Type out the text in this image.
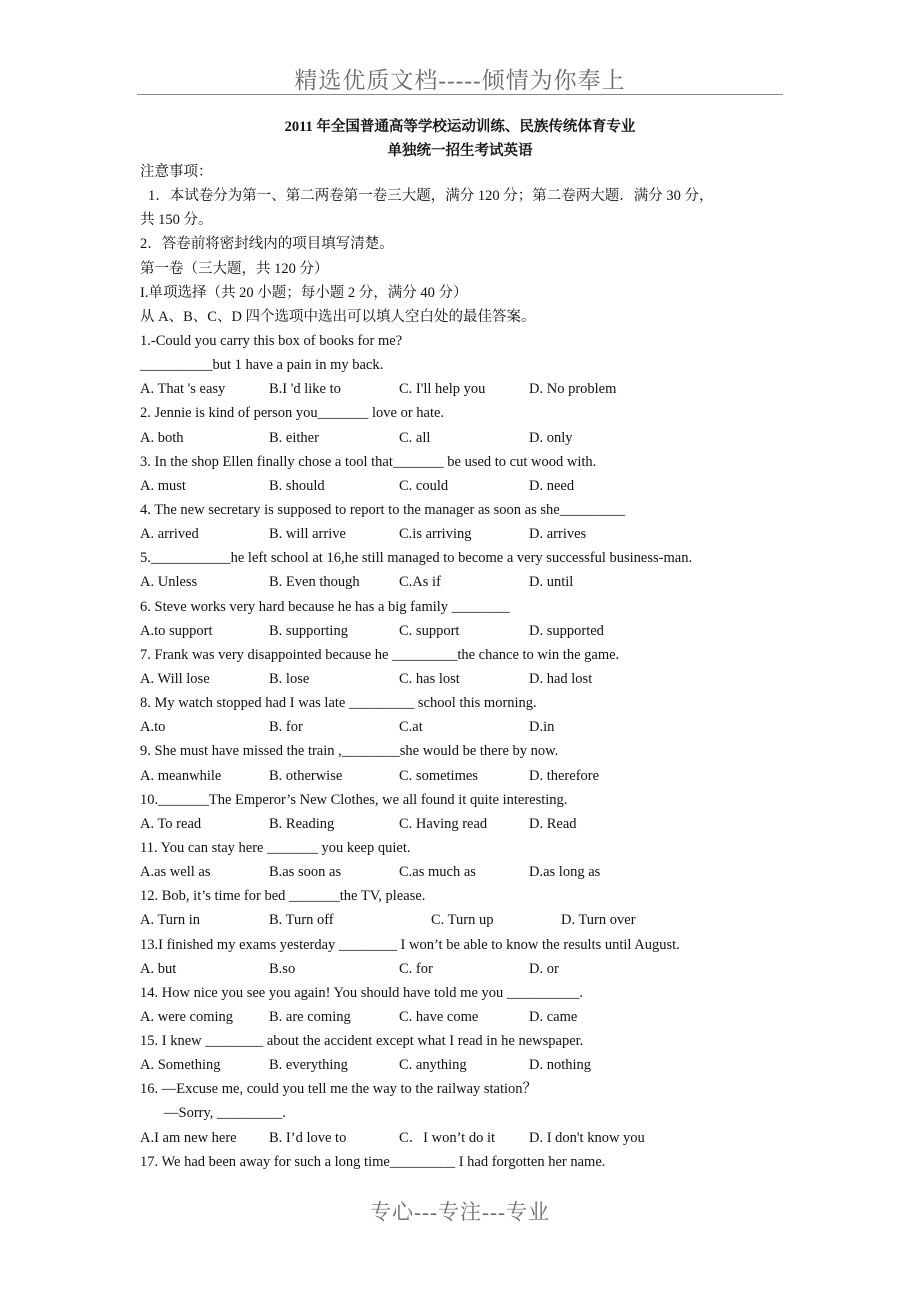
精选优质文档-----倾情为你奉上
2011 年全国普通高等学校运动训练、民族传统体育专业
单独统一招生考试英语
注意事项：
1．本试卷分为第一、第二两卷第一卷三大题，满分 120 分；第二卷两大题．满分 30 分，
共 150 分。
2．答卷前将密封线内的项目填写清楚。
第一卷（三大题，共 120 分）
I.单项选择（共 20 小题；每小题 2 分，满分 40 分）
从 A、B、C、D 四个选项中选出可以填人空白处的最佳答案。
1.-Could you carry this box of books for me?
__________but 1 have a pain in my back.
A. That 's easy	B.I 'd like to	C. I'll help you	D. No problem
2. Jennie is kind of person you_______ love or hate.
A. both	B. either	C. all	D. only
3. In the shop Ellen finally chose a tool that_______ be used to cut wood with.
A. must	B. should	C. could	D. need
4. The new secretary is supposed to report to the manager as soon as she_________
A. arrived	B. will arrive	C.is arriving	D. arrives
5.___________he left school at 16,he still managed to become a very successful business-man.
A. Unless	B. Even though	C.As if	D. until
6. Steve works very hard because he has a big family ________
A.to support	B. supporting	C. support	D. supported
7. Frank was very disappointed because he _________the chance to win the game.
A. Will lose	B. lose	C. has lost	D. had lost
8. My watch stopped had I was late _________ school this morning.
A.to	B. for	C.at	D.in
9. She must have missed the train ,________she would be there by now.
A. meanwhile	B. otherwise	C. sometimes	D. therefore
10._______The Emperor’s New Clothes, we all found it quite interesting.
A. To read	B. Reading	C. Having read	D. Read
11. You can stay here _______ you keep quiet.
A.as well as	B.as soon as	C.as much as	D.as long as
12. Bob, it’s time for bed _______the TV, please.
A. Turn in	B. Turn off	C. Turn up	D. Turn over
13.I finished my exams yesterday ________ I won’t be able to know the results until August.
A. but	B.so	C. for	D. or
14. How nice you see you again! You should have told me you __________.
A. were coming	B. are coming	C. have come	D. came
15. I knew ________ about the accident except what I read in he newspaper.
A. Something	B. everything	C. anything	D. nothing
16. —Excuse me, could you tell me the way to the railway station？
—Sorry, _________.
A.I am new here	B. I’d love to	C．I won’t do it	D. I don't know you
17. We had been away for such a long time_________ I had forgotten her name.
专心---专注---专业
